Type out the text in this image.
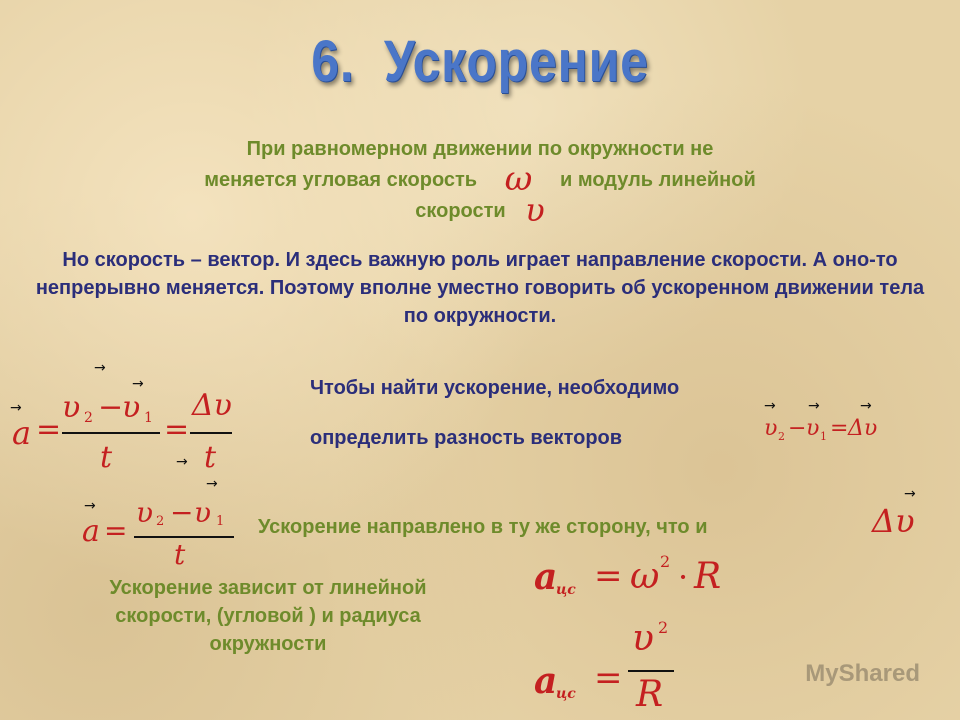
6. Ускорение
При равномерном движении по окружности не
меняется угловая скорость ω и модуль линейной
скорости υ
Но скорость – вектор. И здесь важную роль играет направление скорости. А оно-то непрерывно меняется. Поэтому вполне уместно говорить об ускоренном движении тела по окружности.
Чтобы найти ускорение, необходимо
определить разность векторов
→
→
→ υ 2 −
υ 1
a =
t
=
Δυ
→ t
→ →	→
υ 2 − υ 1 = Δυ
→
→ υ 2 − υ 1
a =
t
Ускорение направлено в ту же сторону, что и
→
Δυ
Ускорение зависит от линейной скорости, (угловой ) и радиуса окружности
a
цс = ω 2 · R
a
цс =
υ 2
R
MyShared
